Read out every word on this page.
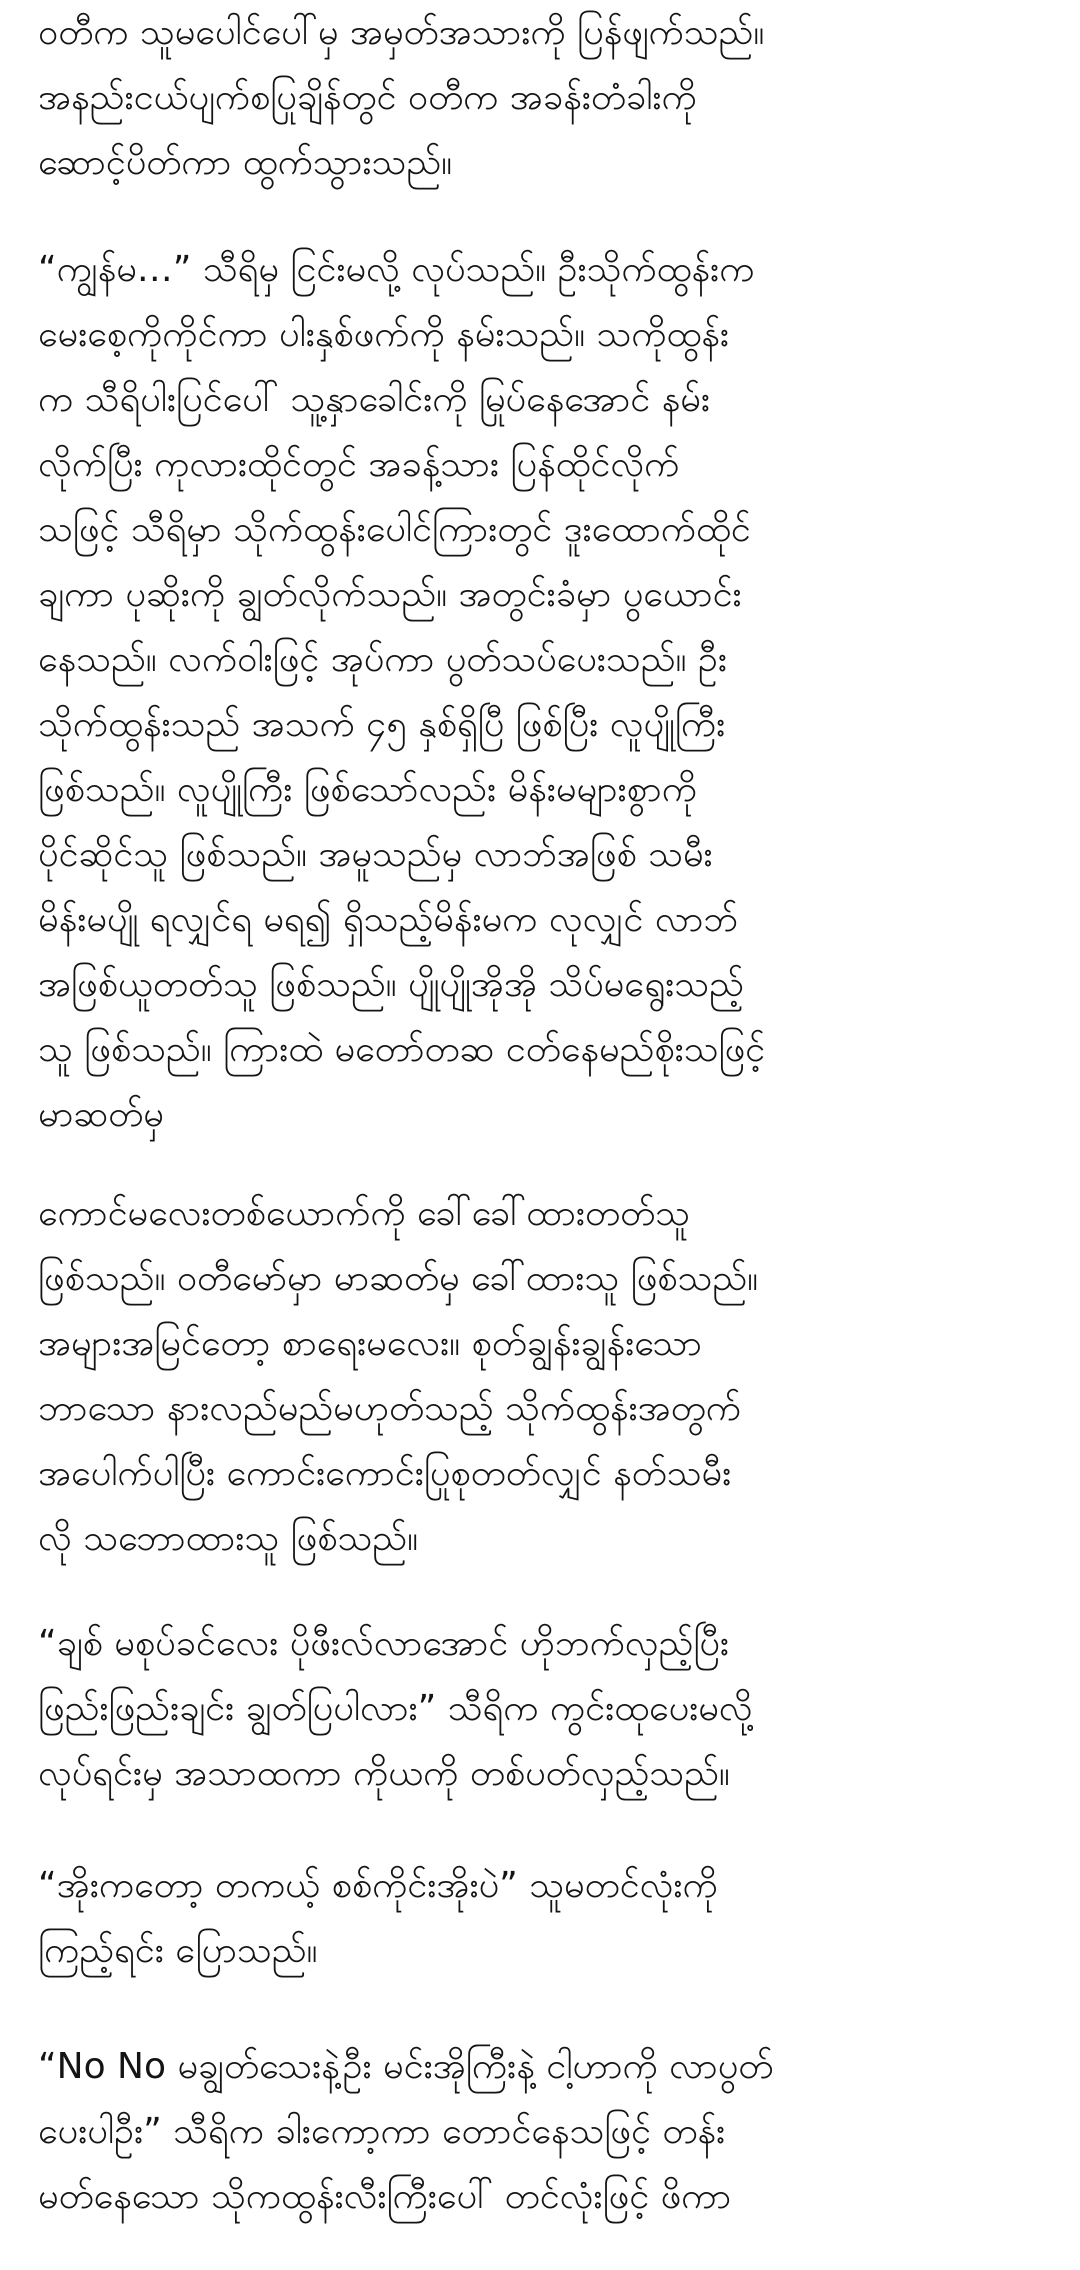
ဝတီက သူမပေါင်ပေါ်မှ အမှတ်အသားကို ပြန်ဖျက်သည်။
အနည်းငယ်ပျက်စပြုချိန်တွင် ဝတီက အခန်းတံခါးကို
ဆောင့်ပိတ်ကာ ထွက်သွားသည်။

“ကျွန်မ…” သီရိမှ ငြင်းမလို့ လုပ်သည်။ ဦးသိုက်ထွန်းက
မေးစေ့ကိုကိုင်ကာ ပါးနှစ်ဖက်ကို နမ်းသည်။ သကိုထွန်း
က သီရိပါးပြင်ပေါ် သူ့နှာခေါင်းကို မြုပ်နေအောင် နမ်း
လိုက်ပြီး ကုလားထိုင်တွင် အခန့်သား ပြန်ထိုင်လိုက်
သဖြင့် သီရိမှာ သိုက်ထွန်းပေါင်ကြားတွင် ဒူးထောက်ထိုင်
ချကာ ပုဆိုးကို ချွတ်လိုက်သည်။ အတွင်းခံမှာ ပွယောင်း
နေသည်။ လက်ဝါးဖြင့် အုပ်ကာ ပွတ်သပ်ပေးသည်။ ဦး
သိုက်ထွန်းသည် အသက် ၄၅ နှစ်ရှိပြီ ဖြစ်ပြီး လူပျိုကြီး
ဖြစ်သည်။ လူပျိုကြီး ဖြစ်သော်လည်း မိန်းမများစွာကို
ပိုင်ဆိုင်သူ ဖြစ်သည်။ အမူသည်မှ လာဘ်အဖြစ် သမီး
မိန်းမပျို ရလျှင်ရ မရ၍ ရှိသည့်မိန်းမက လုလျှင် လာဘ်
အဖြစ်ယူတတ်သူ ဖြစ်သည်။ ပျိုပျိုအိုအို သိပ်မရွေးသည့်
သူ ဖြစ်သည်။ ကြားထဲ မတော်တဆ ငတ်နေမည်စိုးသဖြင့်
မာဆတ်မှ

ကောင်မလေးတစ်ယောက်ကို ခေါ်ခေါ်ထားတတ်သူ
ဖြစ်သည်။ ဝတီမော်မှာ မာဆတ်မှ ခေါ်ထားသူ ဖြစ်သည်။
အများအမြင်တော့ စာရေးမလေး။ စုတ်ချွန်းချွန်းသော
ဘာသော နားလည်မည်မဟုတ်သည့် သိုက်ထွန်းအတွက်
အပေါက်ပါပြီး ကောင်းကောင်းပြုစုတတ်လျှင် နတ်သမီး
လို သဘောထားသူ ဖြစ်သည်။

“ချစ် မစုပ်ခင်လေး ပိုဖီးလ်လာအောင် ဟိုဘက်လှည့်ပြီး
ဖြည်းဖြည်းချင်း ချွတ်ပြပါလား” သီရိက ကွင်းထုပေးမလို့
လုပ်ရင်းမှ အသာထကာ ကိုယကို တစ်ပတ်လှည့်သည်။

“အိုးကတော့ တကယ့် စစ်ကိုင်းအိုးပဲ” သူမတင်လုံးကို
ကြည့်ရင်း ပြောသည်။

“No No မချွတ်သေးနဲ့ဦး မင်းအိုကြီးနဲ့ ငါ့ဟာကို လာပွတ်
ပေးပါဦး” သီရိက ခါးကော့ကာ တောင်နေသဖြင့် တန်း
မတ်နေသော သိုကထွန်းလီးကြီးပေါ် တင်လုံးဖြင့် ဖိကာ
